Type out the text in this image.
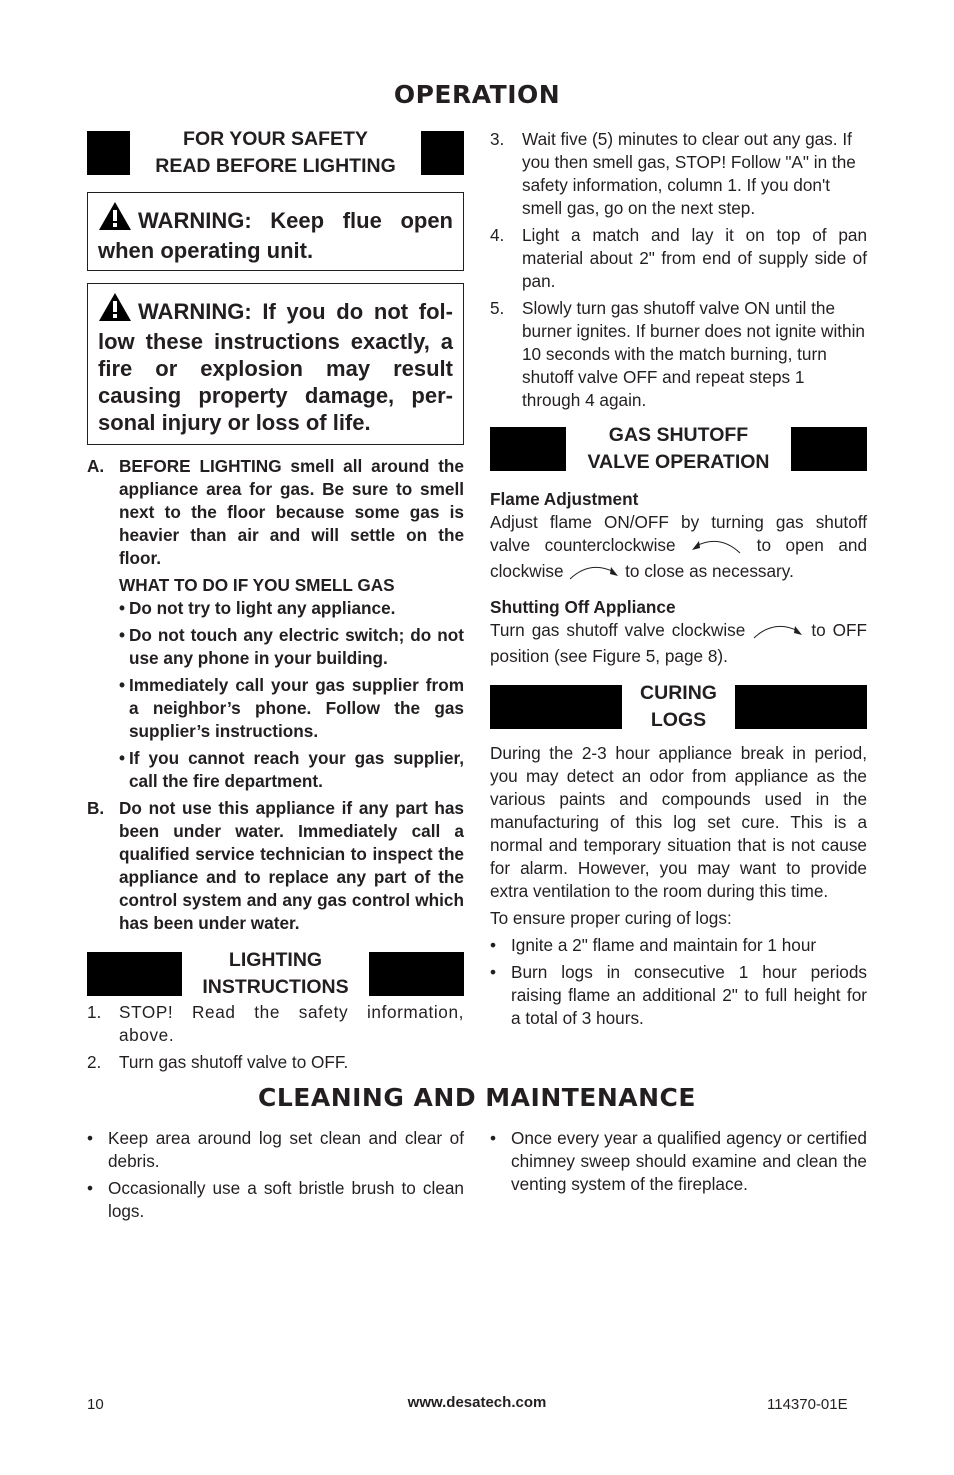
OPERATION
FOR YOUR SAFETY
READ BEFORE LIGHTING
WARNING: Keep flue open when operating unit.
WARNING: If you do not follow these instructions exactly, a fire or explosion may result causing property damage, personal injury or loss of life.
A. BEFORE LIGHTING smell all around the appliance area for gas. Be sure to smell next to the floor because some gas is heavier than air and will settle on the floor.
WHAT TO DO IF YOU SMELL GAS
• Do not try to light any appliance.
• Do not touch any electric switch; do not use any phone in your building.
• Immediately call your gas supplier from a neighbor’s phone. Follow the gas supplier’s instructions.
• If you cannot reach your gas supplier, call the fire department.
B. Do not use this appliance if any part has been under water. Immediately call a qualified service technician to inspect the appliance and to replace any part of the control system and any gas control which has been under water.
LIGHTING
INSTRUCTIONS
1.	STOP! Read the safety information, above.
2.	Turn gas shutoff valve to OFF.
3.	Wait five (5) minutes to clear out any gas. If you then smell gas, STOP! Follow "A" in the safety information, column 1. If you don't smell gas, go on the next step.
4.	Light a match and lay it on top of pan material about 2" from end of supply side of pan.
5.	Slowly turn gas shutoff valve ON until the burner ignites. If burner does not ignite within 10 seconds with the match burning, turn shutoff valve OFF and repeat steps 1 through 4 again.
GAS SHUTOFF
VALVE OPERATION
Flame Adjustment
Adjust flame ON/OFF by turning gas shutoff valve counterclockwise	to open and clockwise	to close as necessary.
Shutting Off Appliance
Turn gas shutoff valve clockwise	to OFF position (see Figure 5, page 8).
CURING
LOGS
During the 2-3 hour appliance break in period, you may detect an odor from appliance as the various paints and compounds used in the manufacturing of this log set cure. This is a normal and temporary situation that is not cause for alarm. However, you may want to provide extra ventilation to the room during this time.
To ensure proper curing of logs:
• Ignite a 2" flame and maintain for 1 hour
• Burn logs in consecutive 1 hour periods raising flame an additional 2" to full height for a total of 3 hours.
CLEANING AND MAINTENANCE
• Keep area around log set clean and clear of debris.
• Occasionally use a soft bristle brush to clean logs.
• Once every year a qualified agency or certified chimney sweep should examine and clean the venting system of the fireplace.
10	www.desatech.com	114370-01E
